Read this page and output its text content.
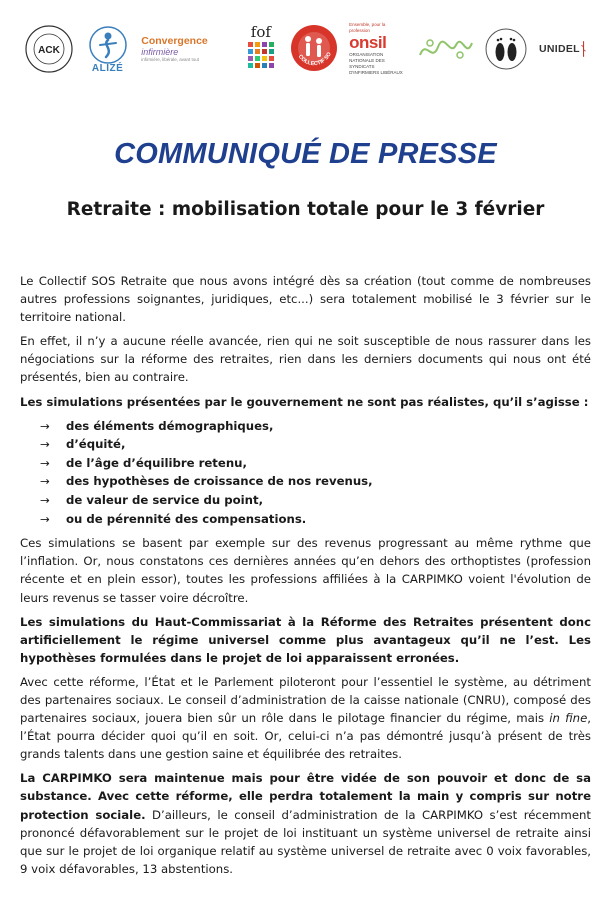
ACK
ALIZÉ
Convergence
infirmière
infirmière, libérale, avant tout
fof
COLLECTIF SO
Ensemble, pour la profession
onsil
ORGANISATION NATIONALE DES SYNDICATS D'INFIRMIERS LIBÉRAUX
UNIDEL
COMMUNIQUÉ DE PRESSE
Retraite : mobilisation totale pour le 3 février

Le Collectif SOS Retraite que nous avons intégré dès sa création (tout comme de nombreuses autres professions soignantes, juridiques, etc...) sera totalement mobilisé le 3 février sur le territoire national.

En effet, il n’y a aucune réelle avancée, rien qui ne soit susceptible de nous rassurer dans les négociations sur la réforme des retraites, rien dans les derniers documents qui nous ont été présentés, bien au contraire.

Les simulations présentées par le gouvernement ne sont pas réalistes, qu’il s’agisse :

→ des éléments démographiques,
→ d’équité,
→ de l’âge d’équilibre retenu,
→ des hypothèses de croissance de nos revenus,
→ de valeur de service du point,
→ ou de pérennité des compensations.

Ces simulations se basent par exemple sur des revenus progressant au même rythme que l’inflation. Or, nous constatons ces dernières années qu’en dehors des orthoptistes (profession récente et en plein essor), toutes les professions affiliées à la CARPIMKO voient l'évolution de leurs revenus se tasser voire décroître.

Les simulations du Haut-Commissariat à la Réforme des Retraites présentent donc artificiellement le régime universel comme plus avantageux qu’il ne l’est. Les hypothèses formulées dans le projet de loi apparaissent erronées.

Avec cette réforme, l’État et le Parlement piloteront pour l’essentiel le système, au détriment des partenaires sociaux. Le conseil d’administration de la caisse nationale (CNRU), composé des partenaires sociaux, jouera bien sûr un rôle dans le pilotage financier du régime, mais in fine, l’État pourra décider quoi qu’il en soit. Or, celui-ci n’a pas démontré jusqu’à présent de très grands talents dans une gestion saine et équilibrée des retraites.

La CARPIMKO sera maintenue mais pour être vidée de son pouvoir et donc de sa substance. Avec cette réforme, elle perdra totalement la main y compris sur notre protection sociale. D’ailleurs, le conseil d’administration de la CARPIMKO s’est récemment prononcé défavorablement sur le projet de loi instituant un système universel de retraite ainsi que sur le projet de loi organique relatif au système universel de retraite avec 0 voix favorables, 9 voix défavorables, 13 abstentions.
